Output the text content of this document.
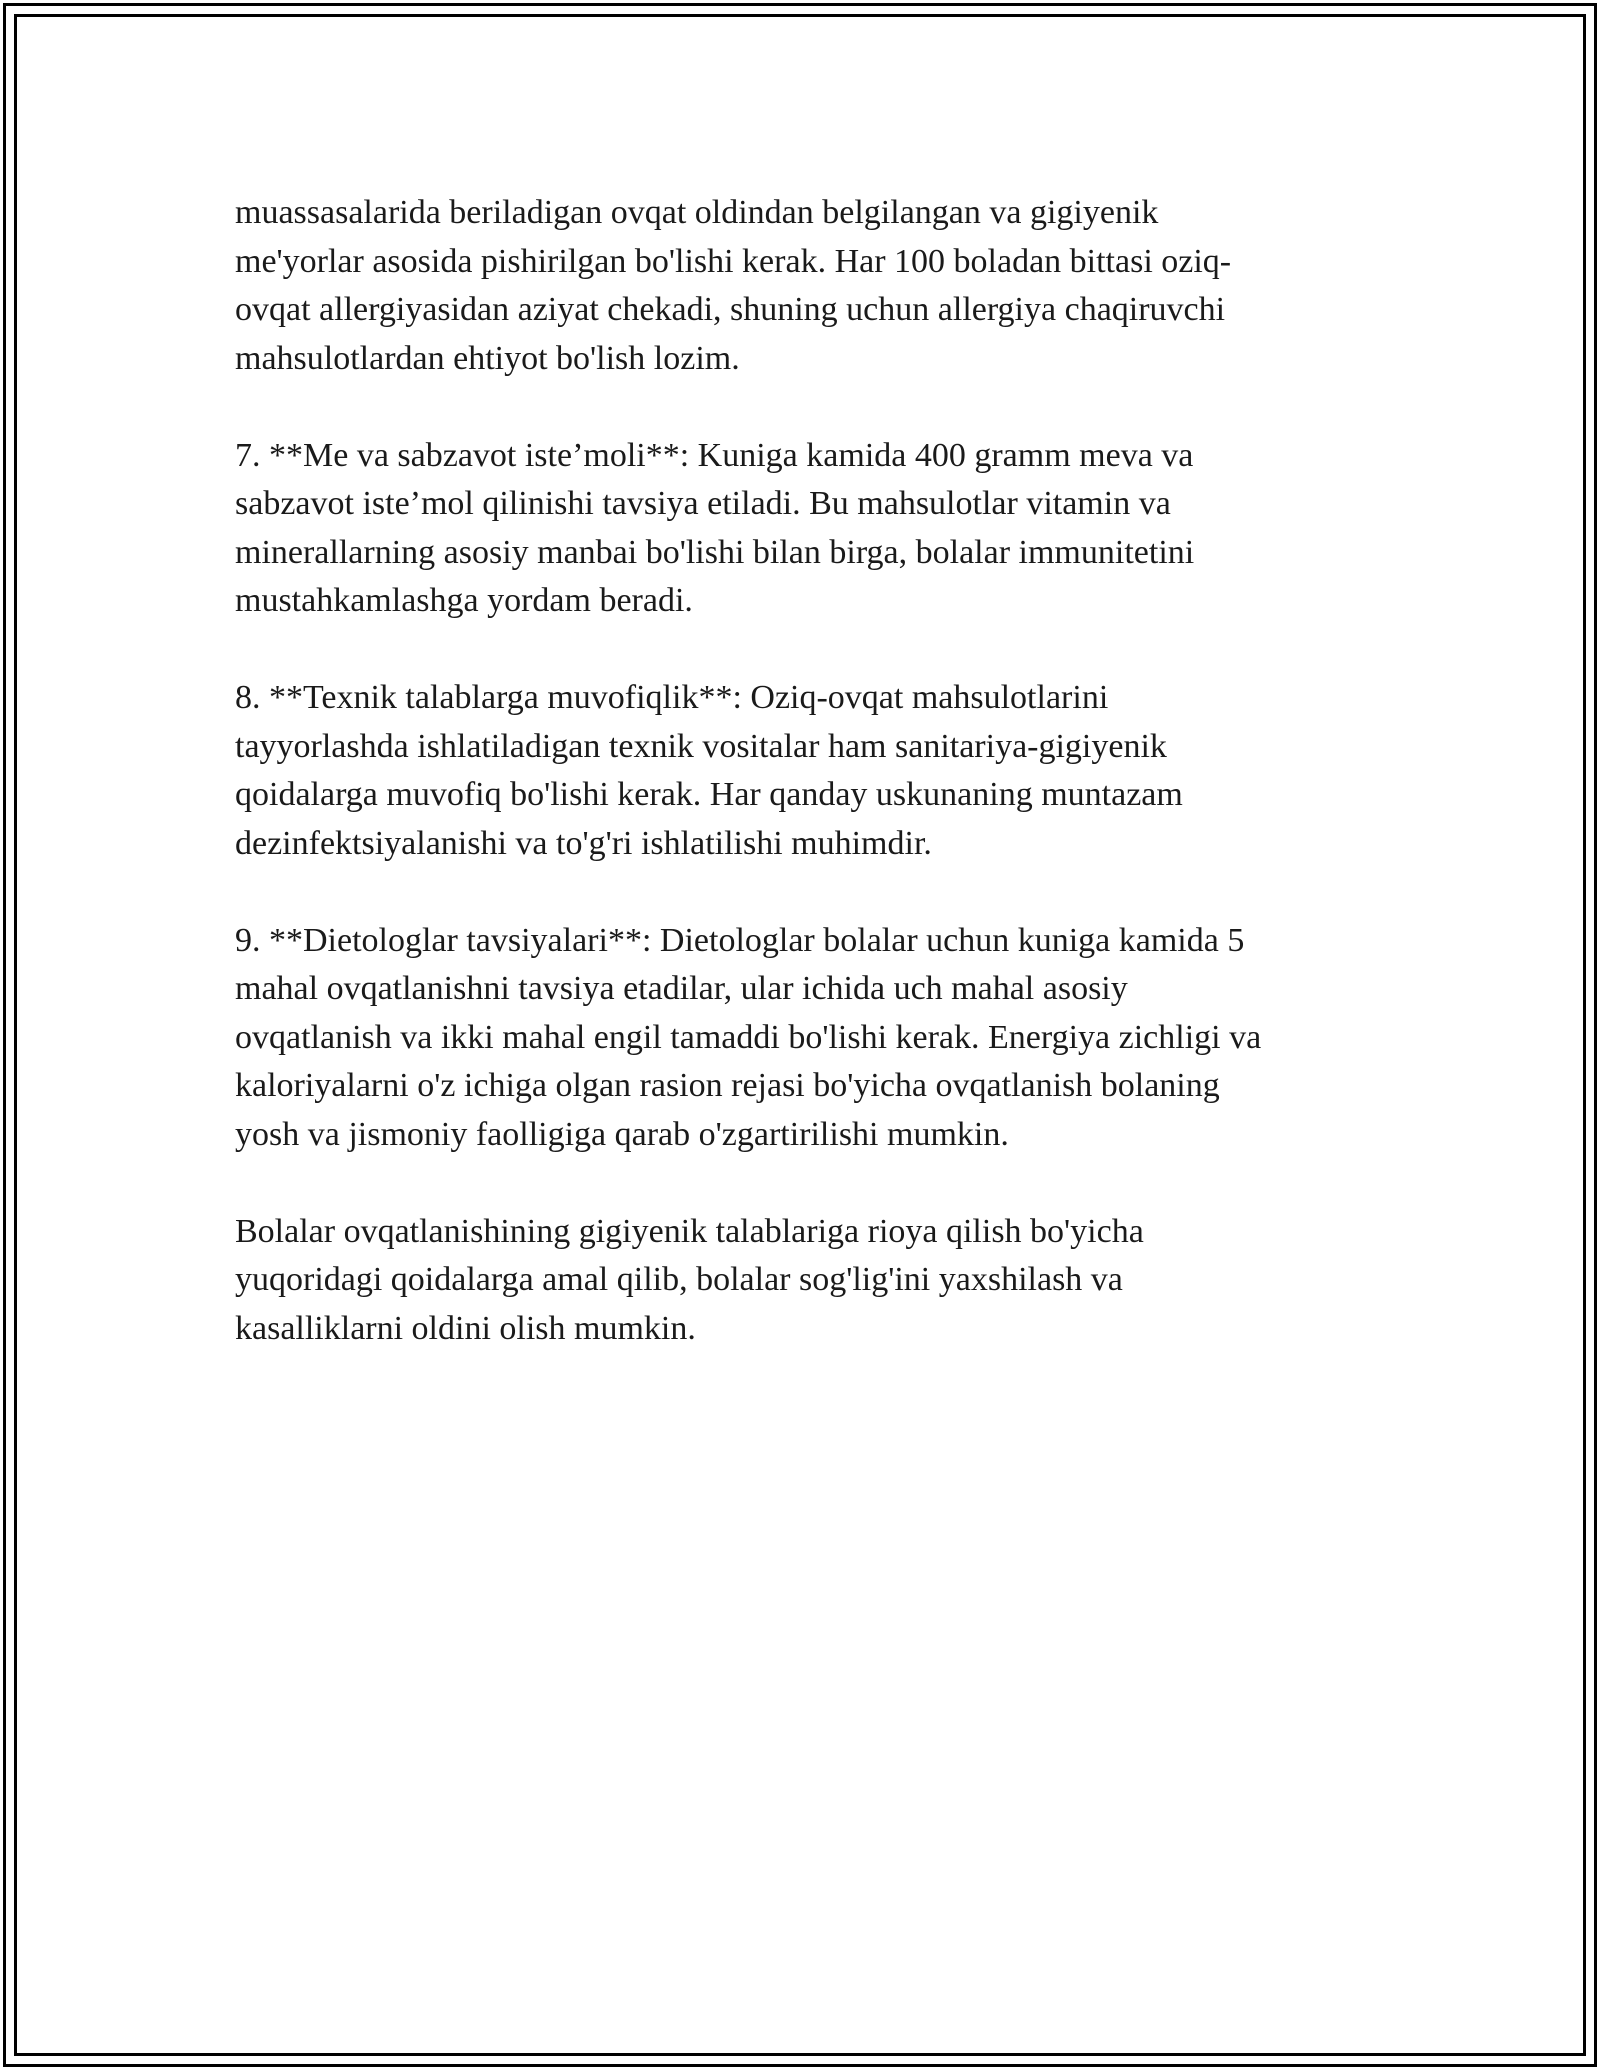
muassasalarida beriladigan ovqat oldindan belgilangan va gigiyenik
me'yorlar asosida pishirilgan bo'lishi kerak. Har 100 boladan bittasi oziq-
ovqat allergiyasidan aziyat chekadi, shuning uchun allergiya chaqiruvchi
mahsulotlardan ehtiyot bo'lish lozim.

7. **Me va sabzavot iste’moli**: Kuniga kamida 400 gramm meva va
sabzavot iste’mol qilinishi tavsiya etiladi. Bu mahsulotlar vitamin va
minerallarning asosiy manbai bo'lishi bilan birga, bolalar immunitetini
mustahkamlashga yordam beradi.

8. **Texnik talablarga muvofiqlik**: Oziq-ovqat mahsulotlarini
tayyorlashda ishlatiladigan texnik vositalar ham sanitariya-gigiyenik
qoidalarga muvofiq bo'lishi kerak. Har qanday uskunaning muntazam
dezinfektsiyalanishi va to'g'ri ishlatilishi muhimdir.

9. **Dietologlar tavsiyalari**: Dietologlar bolalar uchun kuniga kamida 5
mahal ovqatlanishni tavsiya etadilar, ular ichida uch mahal asosiy
ovqatlanish va ikki mahal engil tamaddi bo'lishi kerak. Energiya zichligi va
kaloriyalarni o'z ichiga olgan rasion rejasi bo'yicha ovqatlanish bolaning
yosh va jismoniy faolligiga qarab o'zgartirilishi mumkin.

Bolalar ovqatlanishining gigiyenik talablariga rioya qilish bo'yicha
yuqoridagi qoidalarga amal qilib, bolalar sog'lig'ini yaxshilash va
kasalliklarni oldini olish mumkin.
